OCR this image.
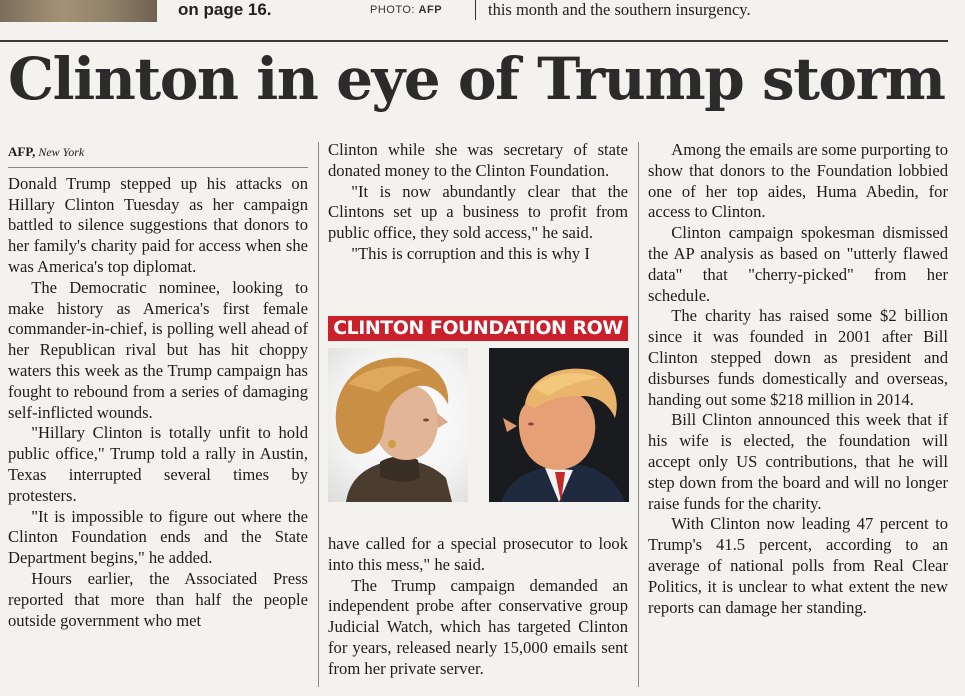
on page 16.	PHOTO: AFP	this month and the southern insurgency.
Clinton in eye of Trump storm
AFP, New York

Donald Trump stepped up his attacks on Hillary Clinton Tuesday as her campaign battled to silence suggestions that donors to her family's charity paid for access when she was America's top diplomat.

The Democratic nominee, looking to make history as America's first female commander-in-chief, is polling well ahead of her Republican rival but has hit choppy waters this week as the Trump campaign has fought to rebound from a series of damaging self-inflicted wounds.

"Hillary Clinton is totally unfit to hold public office," Trump told a rally in Austin, Texas interrupted several times by protesters.

"It is impossible to figure out where the Clinton Foundation ends and the State Department begins," he added.

Hours earlier, the Associated Press reported that more than half the people outside government who met

Clinton while she was secretary of state donated money to the Clinton Foundation.

"It is now abundantly clear that the Clintons set up a business to profit from public office, they sold access," he said.

"This is corruption and this is why I

CLINTON FOUNDATION ROW

have called for a special prosecutor to look into this mess," he said.

The Trump campaign demanded an independent probe after conservative group Judicial Watch, which has targeted Clinton for years, released nearly 15,000 emails sent from her private server.

Among the emails are some purporting to show that donors to the Foundation lobbied one of her top aides, Huma Abedin, for access to Clinton.

Clinton campaign spokesman dismissed the AP analysis as based on "utterly flawed data" that "cherry-picked" from her schedule.

The charity has raised some $2 billion since it was founded in 2001 after Bill Clinton stepped down as president and disburses funds domestically and overseas, handing out some $218 million in 2014.

Bill Clinton announced this week that if his wife is elected, the foundation will accept only US contributions, that he will step down from the board and will no longer raise funds for the charity.

With Clinton now leading 47 percent to Trump's 41.5 percent, according to an average of national polls from Real Clear Politics, it is unclear to what extent the new reports can damage her standing.
